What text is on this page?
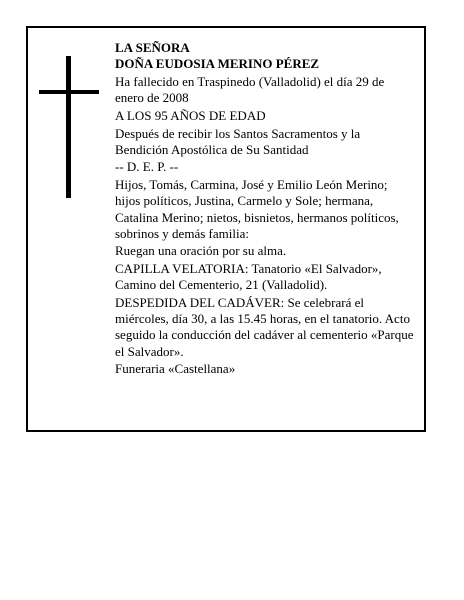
LA SEÑORA
DOÑA EUDOSIA MERINO PÉREZ
Ha fallecido en Traspinedo (Valladolid) el día 29 de enero de 2008
A LOS 95 AÑOS DE EDAD
Después de recibir los Santos Sacramentos y la Bendición Apostólica de Su Santidad
-- D. E. P. --
Hijos, Tomás, Carmina, José y Emilio León Merino; hijos políticos, Justina, Carmelo y Sole; hermana, Catalina Merino; nietos, bisnietos, hermanos políticos, sobrinos y demás familia:
Ruegan una oración por su alma.
CAPILLA VELATORIA: Tanatorio «El Salvador», Camino del Cementerio, 21 (Valladolid).
DESPEDIDA DEL CADÁVER: Se celebrará el miércoles, día 30, a las 15.45 horas, en el tanatorio. Acto seguido la conducción del cadáver al cementerio «Parque el Salvador».
Funeraria «Castellana»
